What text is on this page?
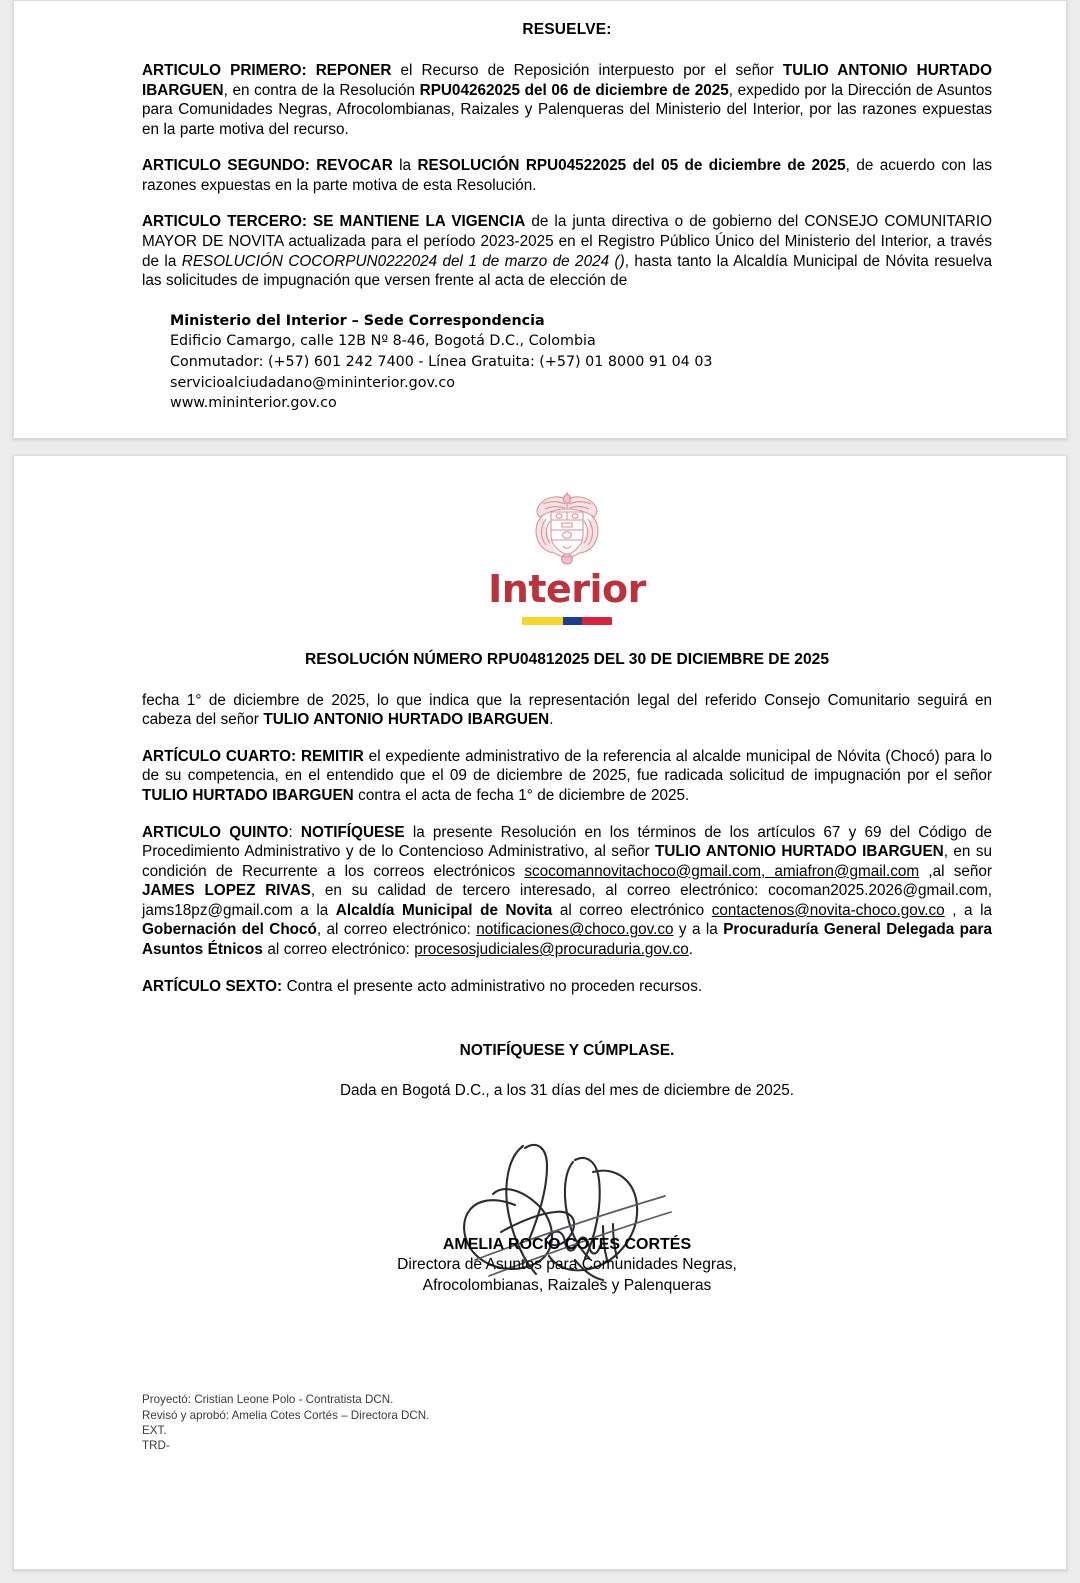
RESUELVE:

ARTICULO PRIMERO: REPONER el Recurso de Reposición interpuesto por el señor TULIO ANTONIO HURTADO IBARGUEN, en contra de la Resolución RPU04262025 del 06 de diciembre de 2025, expedido por la Dirección de Asuntos para Comunidades Negras, Afrocolombianas, Raizales y Palenqueras del Ministerio del Interior, por las razones expuestas en la parte motiva del recurso.

ARTICULO SEGUNDO: REVOCAR la RESOLUCIÓN RPU04522025 del 05 de diciembre de 2025, de acuerdo con las razones expuestas en la parte motiva de esta Resolución.

ARTICULO TERCERO: SE MANTIENE LA VIGENCIA de la junta directiva o de gobierno del CONSEJO COMUNITARIO MAYOR DE NOVITA actualizada para el período 2023-2025 en el Registro Público Único del Ministerio del Interior, a través de la RESOLUCIÓN COCORPUN0222024 del 1 de marzo de 2024 (), hasta tanto la Alcaldía Municipal de Nóvita resuelva las solicitudes de impugnación que versen frente al acta de elección de

Ministerio del Interior – Sede Correspondencia
Edificio Camargo, calle 12B Nº 8-46, Bogotá D.C., Colombia
Conmutador: (+57) 601 242 7400 - Línea Gratuita: (+57) 01 8000 91 04 03
servicioalciudadano@mininterior.gov.co
www.mininterior.gov.co
Interior
RESOLUCIÓN NÚMERO RPU04812025 DEL 30 DE DICIEMBRE DE 2025

fecha 1° de diciembre de 2025, lo que indica que la representación legal del referido Consejo Comunitario seguirá en cabeza del señor TULIO ANTONIO HURTADO IBARGUEN.

ARTÍCULO CUARTO: REMITIR el expediente administrativo de la referencia al alcalde municipal de Nóvita (Chocó) para lo de su competencia, en el entendido que el 09 de diciembre de 2025, fue radicada solicitud de impugnación por el señor TULIO HURTADO IBARGUEN contra el acta de fecha 1° de diciembre de 2025.

ARTICULO QUINTO: NOTIFÍQUESE la presente Resolución en los términos de los artículos 67 y 69 del Código de Procedimiento Administrativo y de lo Contencioso Administrativo, al señor TULIO ANTONIO HURTADO IBARGUEN, en su condición de Recurrente a los correos electrónicos scocomannovitachoco@gmail.com, amiafron@gmail.com ,al señor JAMES LOPEZ RIVAS, en su calidad de tercero interesado, al correo electrónico: cocoman2025.2026@gmail.com, jams18pz@gmail.com a la Alcaldía Municipal de Novita al correo electrónico contactenos@novita-choco.gov.co , a la Gobernación del Chocó, al correo electrónico: notificaciones@choco.gov.co y a la Procuraduría General Delegada para Asuntos Étnicos al correo electrónico: procesosjudiciales@procuraduria.gov.co.

ARTÍCULO SEXTO: Contra el presente acto administrativo no proceden recursos.

NOTIFÍQUESE Y CÚMPLASE.
Dada en Bogotá D.C., a los 31 días del mes de diciembre de 2025.
AMELIA ROCIO COTES CORTÉS
Directora de Asuntos para Comunidades Negras,
Afrocolombianas, Raizales y Palenqueras
Proyectó: Cristian Leone Polo - Contratista DCN.
Revisó y aprobó: Amelia Cotes Cortés – Directora DCN.
EXT.
TRD-
